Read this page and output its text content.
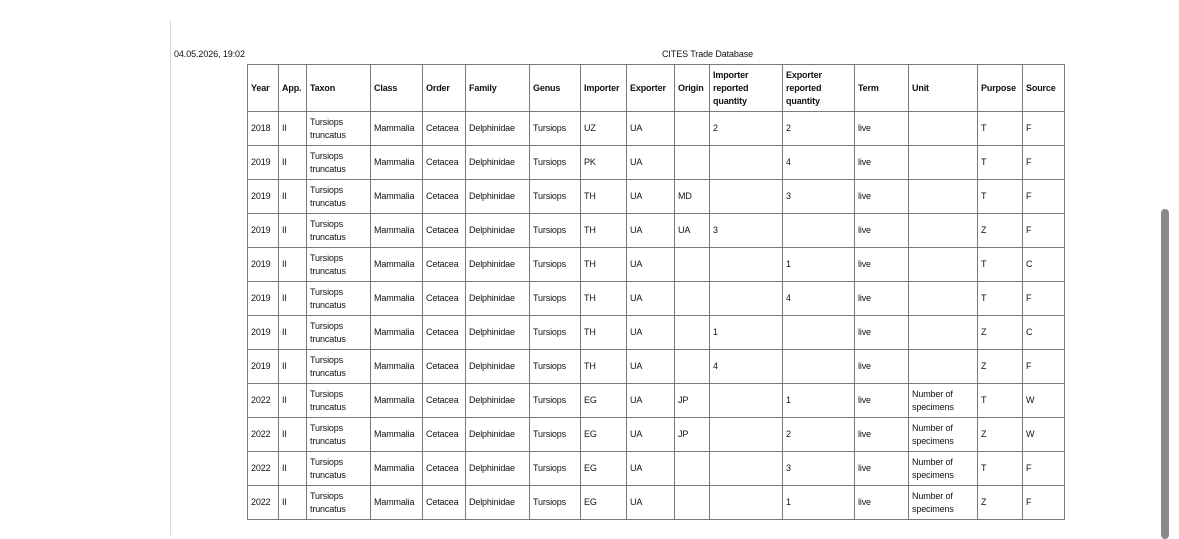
04.05.2026, 19:02	CITES Trade Database
Year	App.	Taxon	Class	Order	Family	Genus	Importer	Exporter	Origin	Importer reported quantity	Exporter reported quantity	Term	Unit	Purpose	Source
2018	II	Tursiops truncatus	Mammalia	Cetacea	Delphinidae	Tursiops	UZ	UA		2	2	live		T	F
2019	II	Tursiops truncatus	Mammalia	Cetacea	Delphinidae	Tursiops	PK	UA			4	live		T	F
2019	II	Tursiops truncatus	Mammalia	Cetacea	Delphinidae	Tursiops	TH	UA	MD		3	live		T	F
2019	II	Tursiops truncatus	Mammalia	Cetacea	Delphinidae	Tursiops	TH	UA	UA	3		live		Z	F
2019	II	Tursiops truncatus	Mammalia	Cetacea	Delphinidae	Tursiops	TH	UA			1	live		T	C
2019	II	Tursiops truncatus	Mammalia	Cetacea	Delphinidae	Tursiops	TH	UA			4	live		T	F
2019	II	Tursiops truncatus	Mammalia	Cetacea	Delphinidae	Tursiops	TH	UA		1		live		Z	C
2019	II	Tursiops truncatus	Mammalia	Cetacea	Delphinidae	Tursiops	TH	UA		4		live		Z	F
2022	II	Tursiops truncatus	Mammalia	Cetacea	Delphinidae	Tursiops	EG	UA	JP		1	live	Number of specimens	T	W
2022	II	Tursiops truncatus	Mammalia	Cetacea	Delphinidae	Tursiops	EG	UA	JP		2	live	Number of specimens	Z	W
2022	II	Tursiops truncatus	Mammalia	Cetacea	Delphinidae	Tursiops	EG	UA			3	live	Number of specimens	T	F
2022	II	Tursiops truncatus	Mammalia	Cetacea	Delphinidae	Tursiops	EG	UA			1	live	Number of specimens	Z	F
